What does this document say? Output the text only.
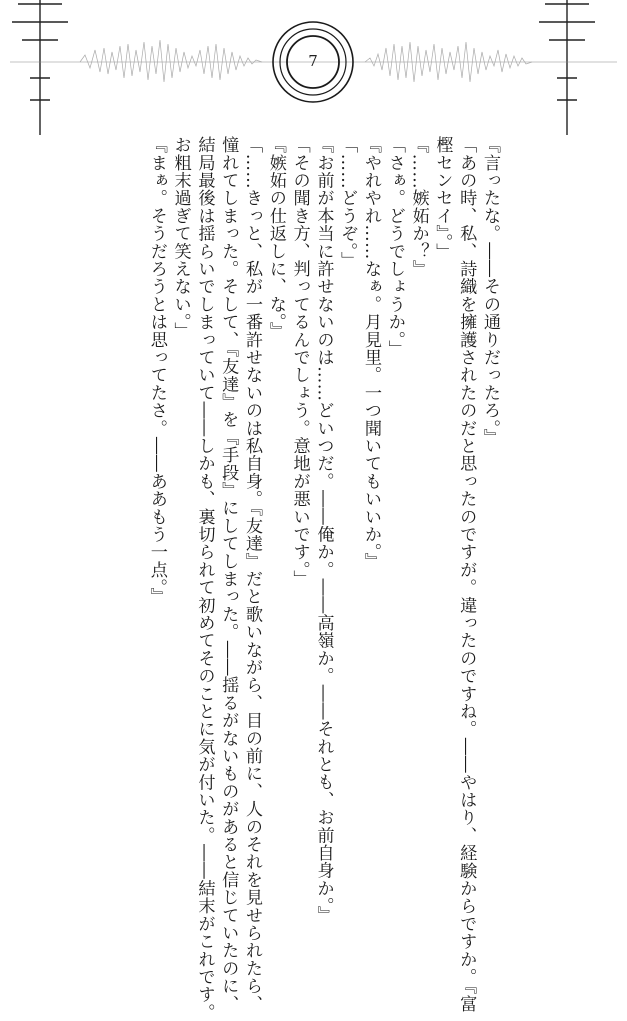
7
『言ったな。――その通りだったろ。』
「あの時、私、詩織を擁護されたのだと思ったのですが。違ったのですね。――やはり、経験からですか。『富
樫センセイ』。」
『……嫉妬か？』
「さぁ。どうでしょうか。」
『やれやれ……なぁ。月見里。一つ聞いてもいいか。』
「……どうぞ。」
『お前が本当に許せないのは……どいつだ。――俺か。――高嶺か。――それとも、お前自身か。』
「その聞き方、判ってるんでしょう。意地が悪いです。」
『嫉妬の仕返しに、な。』
「……きっと、私が一番許せないのは私自身。『友達』だと歌いながら、目の前に、人のそれを見せられたら、
憧れてしまった。そして、『友達』を『手段』にしてしまった。――揺るがないものがあると信じていたのに、
結局最後は揺らいでしまっていて――しかも、裏切られて初めてそのことに気が付いた。――結末がこれです。
お粗末過ぎて笑えない。」
『まぁ。そうだろうとは思ってたさ。――ああもう一点。』
